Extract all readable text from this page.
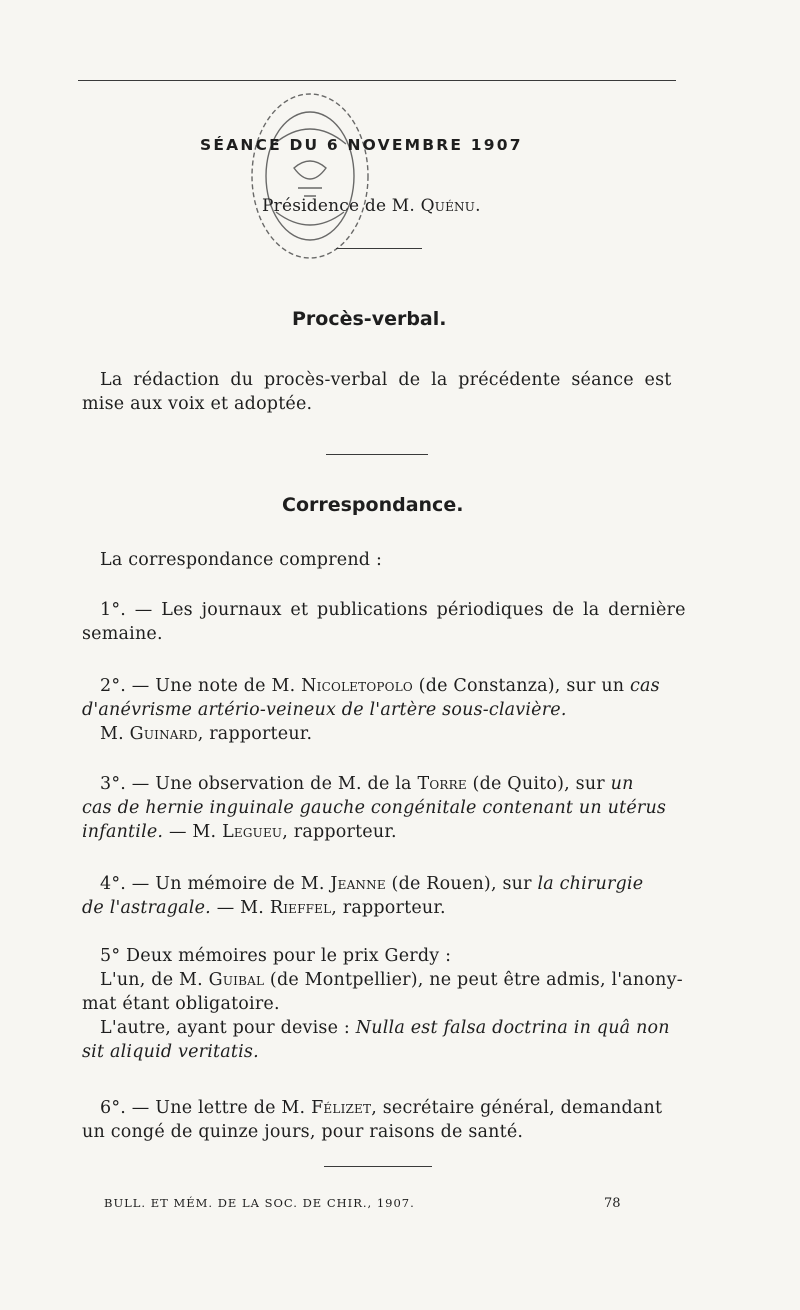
SÉANCE DU 6 NOVEMBRE 1907
Présidence de M. Quénu.
Procès-verbal.
La rédaction du procès-verbal de la précédente séance est
mise aux voix et adoptée.
Correspondance.
La correspondance comprend :
1°. — Les journaux et publications périodiques de la dernière
semaine.
2°. — Une note de M. Nicoletopolo (de Constanza), sur un cas
d'anévrisme artério-veineux de l'artère sous-clavière.
M. Guinard, rapporteur.
3°. — Une observation de M. de la Torre (de Quito), sur un
cas de hernie inguinale gauche congénitale contenant un utérus
infantile. — M. Legueu, rapporteur.
4°. — Un mémoire de M. Jeanne (de Rouen), sur la chirurgie
de l'astragale. — M. Rieffel, rapporteur.
5° Deux mémoires pour le prix Gerdy :
L'un, de M. Guibal (de Montpellier), ne peut être admis, l'anony-
mat étant obligatoire.
L'autre, ayant pour devise : Nulla est falsa doctrina in quâ non
sit aliquid veritatis.
6°. — Une lettre de M. Félizet, secrétaire général, demandant
un congé de quinze jours, pour raisons de santé.
BULL. ET MÉM. DE LA SOC. DE CHIR., 1907.	78
